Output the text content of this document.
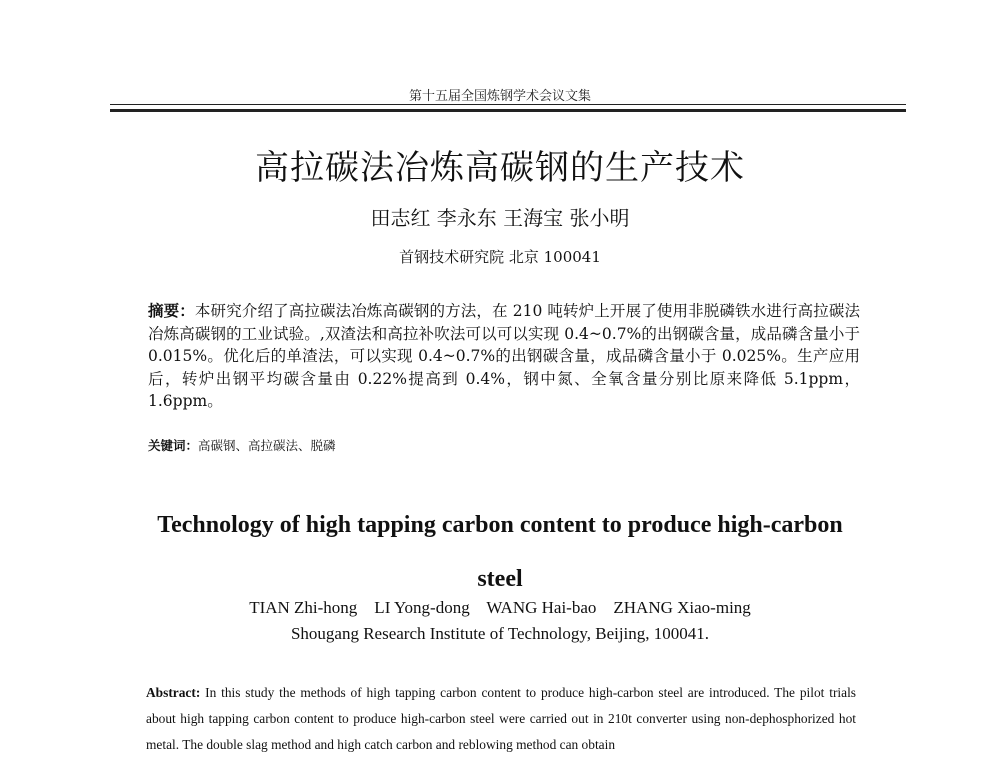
第十五届全国炼钢学术会议文集
高拉碳法冶炼高碳钢的生产技术
田志红 李永东 王海宝 张小明
首钢技术研究院 北京 100041
摘要：本研究介绍了高拉碳法冶炼高碳钢的方法，在 210 吨转炉上开展了使用非脱磷铁水进行高拉碳法冶炼高碳钢的工业试验。,双渣法和高拉补吹法可以可以实现 0.4~0.7%的出钢碳含量，成品磷含量小于 0.015%。优化后的单渣法，可以实现 0.4~0.7%的出钢碳含量，成品磷含量小于 0.025%。生产应用后，转炉出钢平均碳含量由 0.22%提高到 0.4%，钢中氮、全氧含量分别比原来降低 5.1ppm，1.6ppm。
关键词：高碳钢、高拉碳法、脱磷
Technology of high tapping carbon content to produce high-carbon steel
TIAN Zhi-hong    LI Yong-dong    WANG Hai-bao    ZHANG Xiao-ming
Shougang Research Institute of Technology, Beijing, 100041.
Abstract: In this study the methods of high tapping carbon content to produce high-carbon steel are introduced. The pilot trials about high tapping carbon content to produce high-carbon steel were carried out in 210t converter using non-dephosphorized hot metal. The double slag method and high catch carbon and reblowing method can obtain
